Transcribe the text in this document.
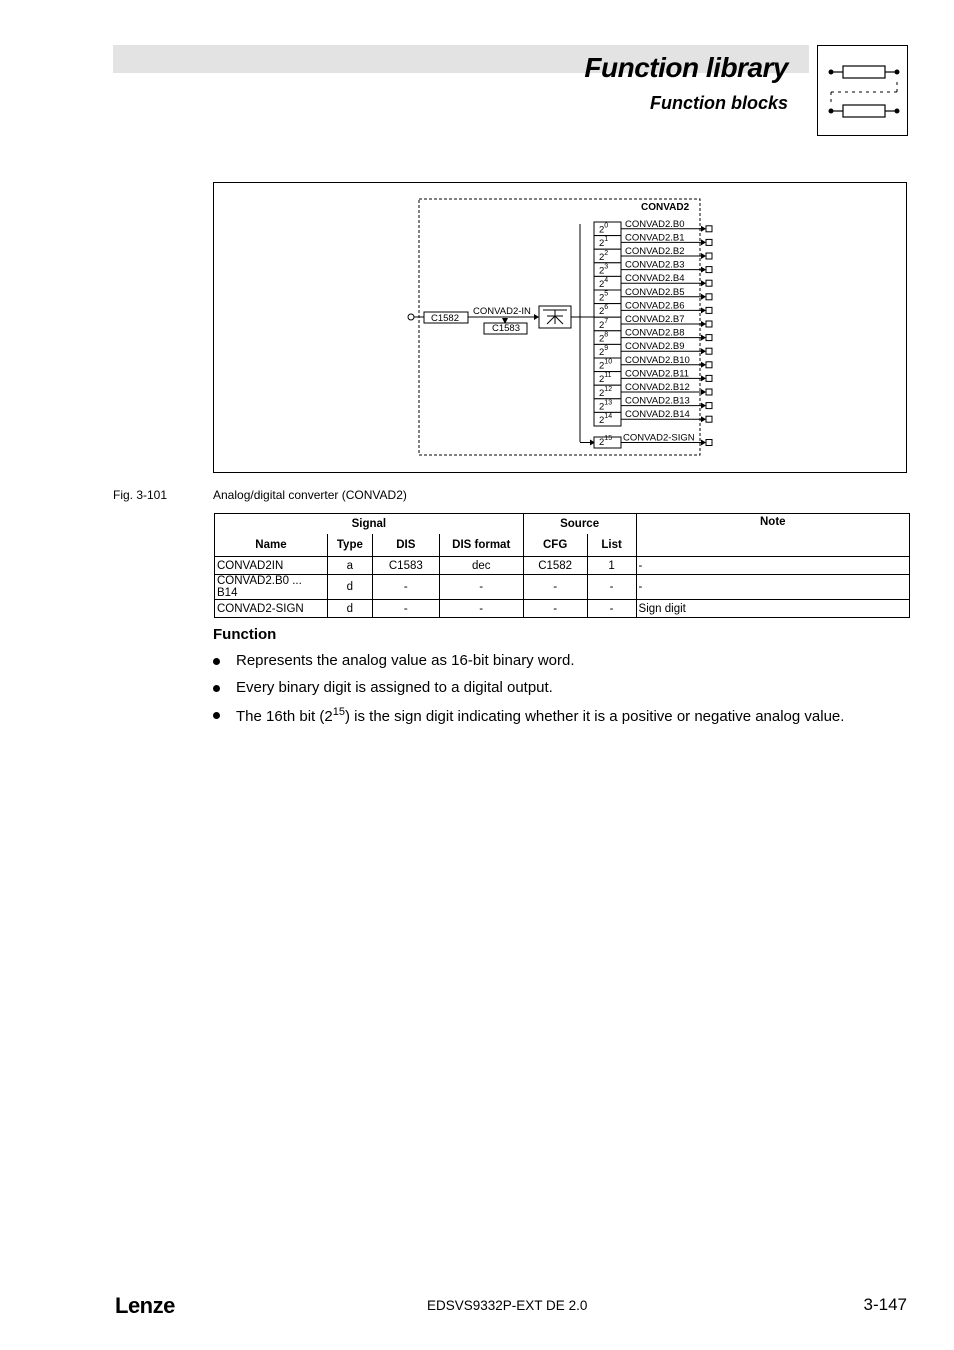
Function library
Function blocks
CONVAD2
C1582
CONVAD2-IN
C1583
$2^0$ CONVAD2.B0
$2^1$ CONVAD2.B1
$2^2$ CONVAD2.B2
$2^3$ CONVAD2.B3
$2^4$ CONVAD2.B4
$2^5$ CONVAD2.B5
$2^6$ CONVAD2.B6
$2^7$ CONVAD2.B7
$2^8$ CONVAD2.B8
$2^9$ CONVAD2.B9
$2^{10}$ CONVAD2.B10
$2^{11}$ CONVAD2.B11
$2^{12}$ CONVAD2.B12
$2^{13}$ CONVAD2.B13
$2^{14}$ CONVAD2.B14
$2^{15}$ CONVAD2-SIGN
Fig. 3-101	Analog/digital converter (CONVAD2)
Signal				Source		Note
Name	Type	DIS	DIS format	CFG	List	
CONVAD2IN	a	C1583	dec	C1582	1	-
CONVAD2.B0 ... B14	d	-	-	-	-	-
CONVAD2-SIGN	d	-	-	-	-	Sign digit
Function
Represents the analog value as 16-bit binary word.
Every binary digit is assigned to a digital output.
The 16th bit $(2^{15})$ is the sign digit indicating whether it is a positive or negative analog value.
Lenze	EDSVS9332P-EXT DE 2.0	3-147
